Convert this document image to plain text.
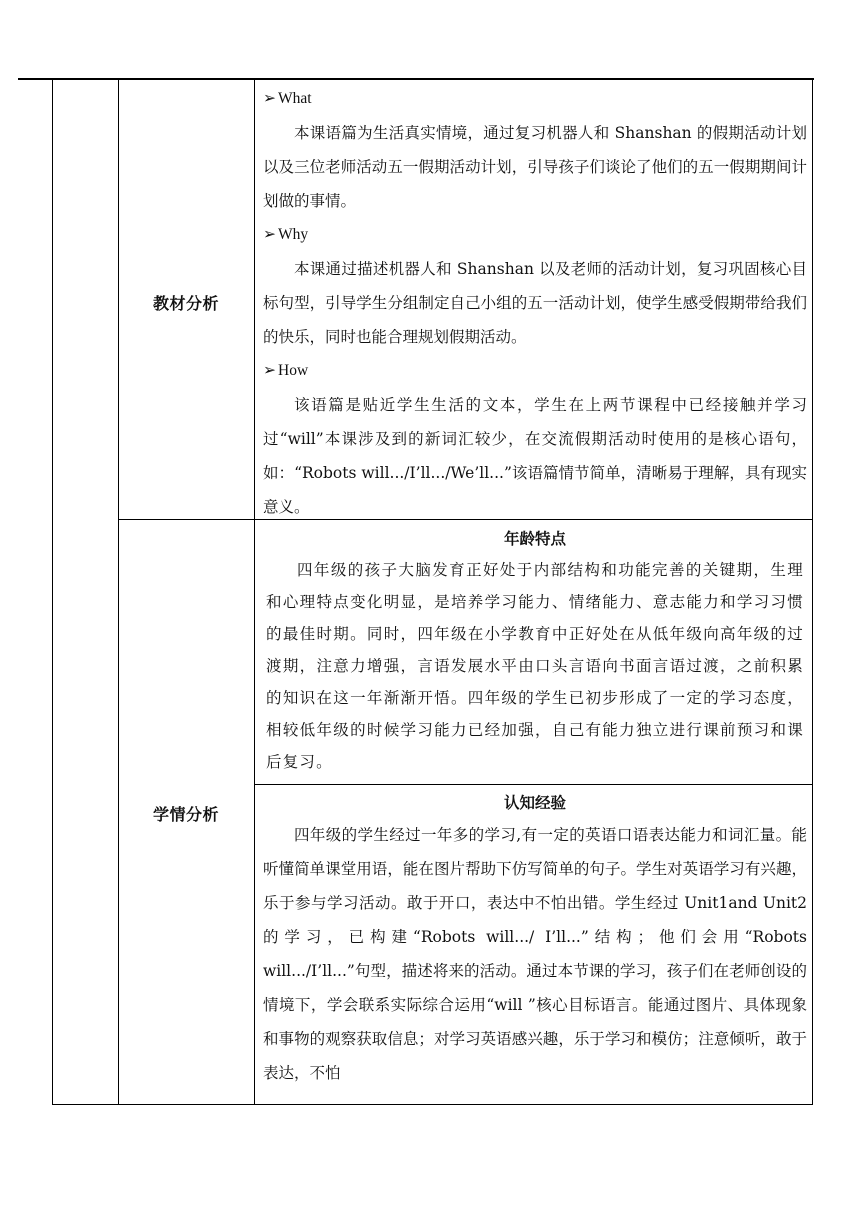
教材分析
学情分析
➢ What

本课语篇为生活真实情境，通过复习机器人和 Shanshan 的假期活动计划以及三位老师活动五一假期活动计划，引导孩子们谈论了他们的五一假期期间计划做的事情。

➢ Why

本课通过描述机器人和 Shanshan 以及老师的活动计划，复习巩固核心目标句型，引导学生分组制定自己小组的五一活动计划，使学生感受假期带给我们的快乐，同时也能合理规划假期活动。

➢ How

该语篇是贴近学生生活的文本，学生在上两节课程中已经接触并学习过“will”本课涉及到的新词汇较少，在交流假期活动时使用的是核心语句，如：“Robots will.../I’ll.../We’ll...”该语篇情节简单，清晰易于理解，具有现实意义。

年龄特点

四年级的孩子大脑发育正好处于内部结构和功能完善的关键期，生理和心理特点变化明显，是培养学习能力、情绪能力、意志能力和学习习惯的最佳时期。同时，四年级在小学教育中正好处在从低年级向高年级的过渡期，注意力增强，言语发展水平由口头言语向书面言语过渡，之前积累的知识在这一年渐渐开悟。四年级的学生已初步形成了一定的学习态度，相较低年级的时候学习能力已经加强，自己有能力独立进行课前预习和课后复习。

认知经验

四年级的学生经过一年多的学习,有一定的英语口语表达能力和词汇量。能听懂简单课堂用语，能在图片帮助下仿写简单的句子。学生对英语学习有兴趣，乐于参与学习活动。敢于开口，表达中不怕出错。学生经过 Unit1and Unit2 的学习，已构建“Robots will.../ I’ll...”结构；他们会用“Robots will.../I’ll...”句型，描述将来的活动。通过本节课的学习，孩子们在老师创设的情境下，学会联系实际综合运用“will ”核心目标语言。能通过图片、具体现象和事物的观察获取信息；对学习英语感兴趣，乐于学习和模仿；注意倾听，敢于表达，不怕
